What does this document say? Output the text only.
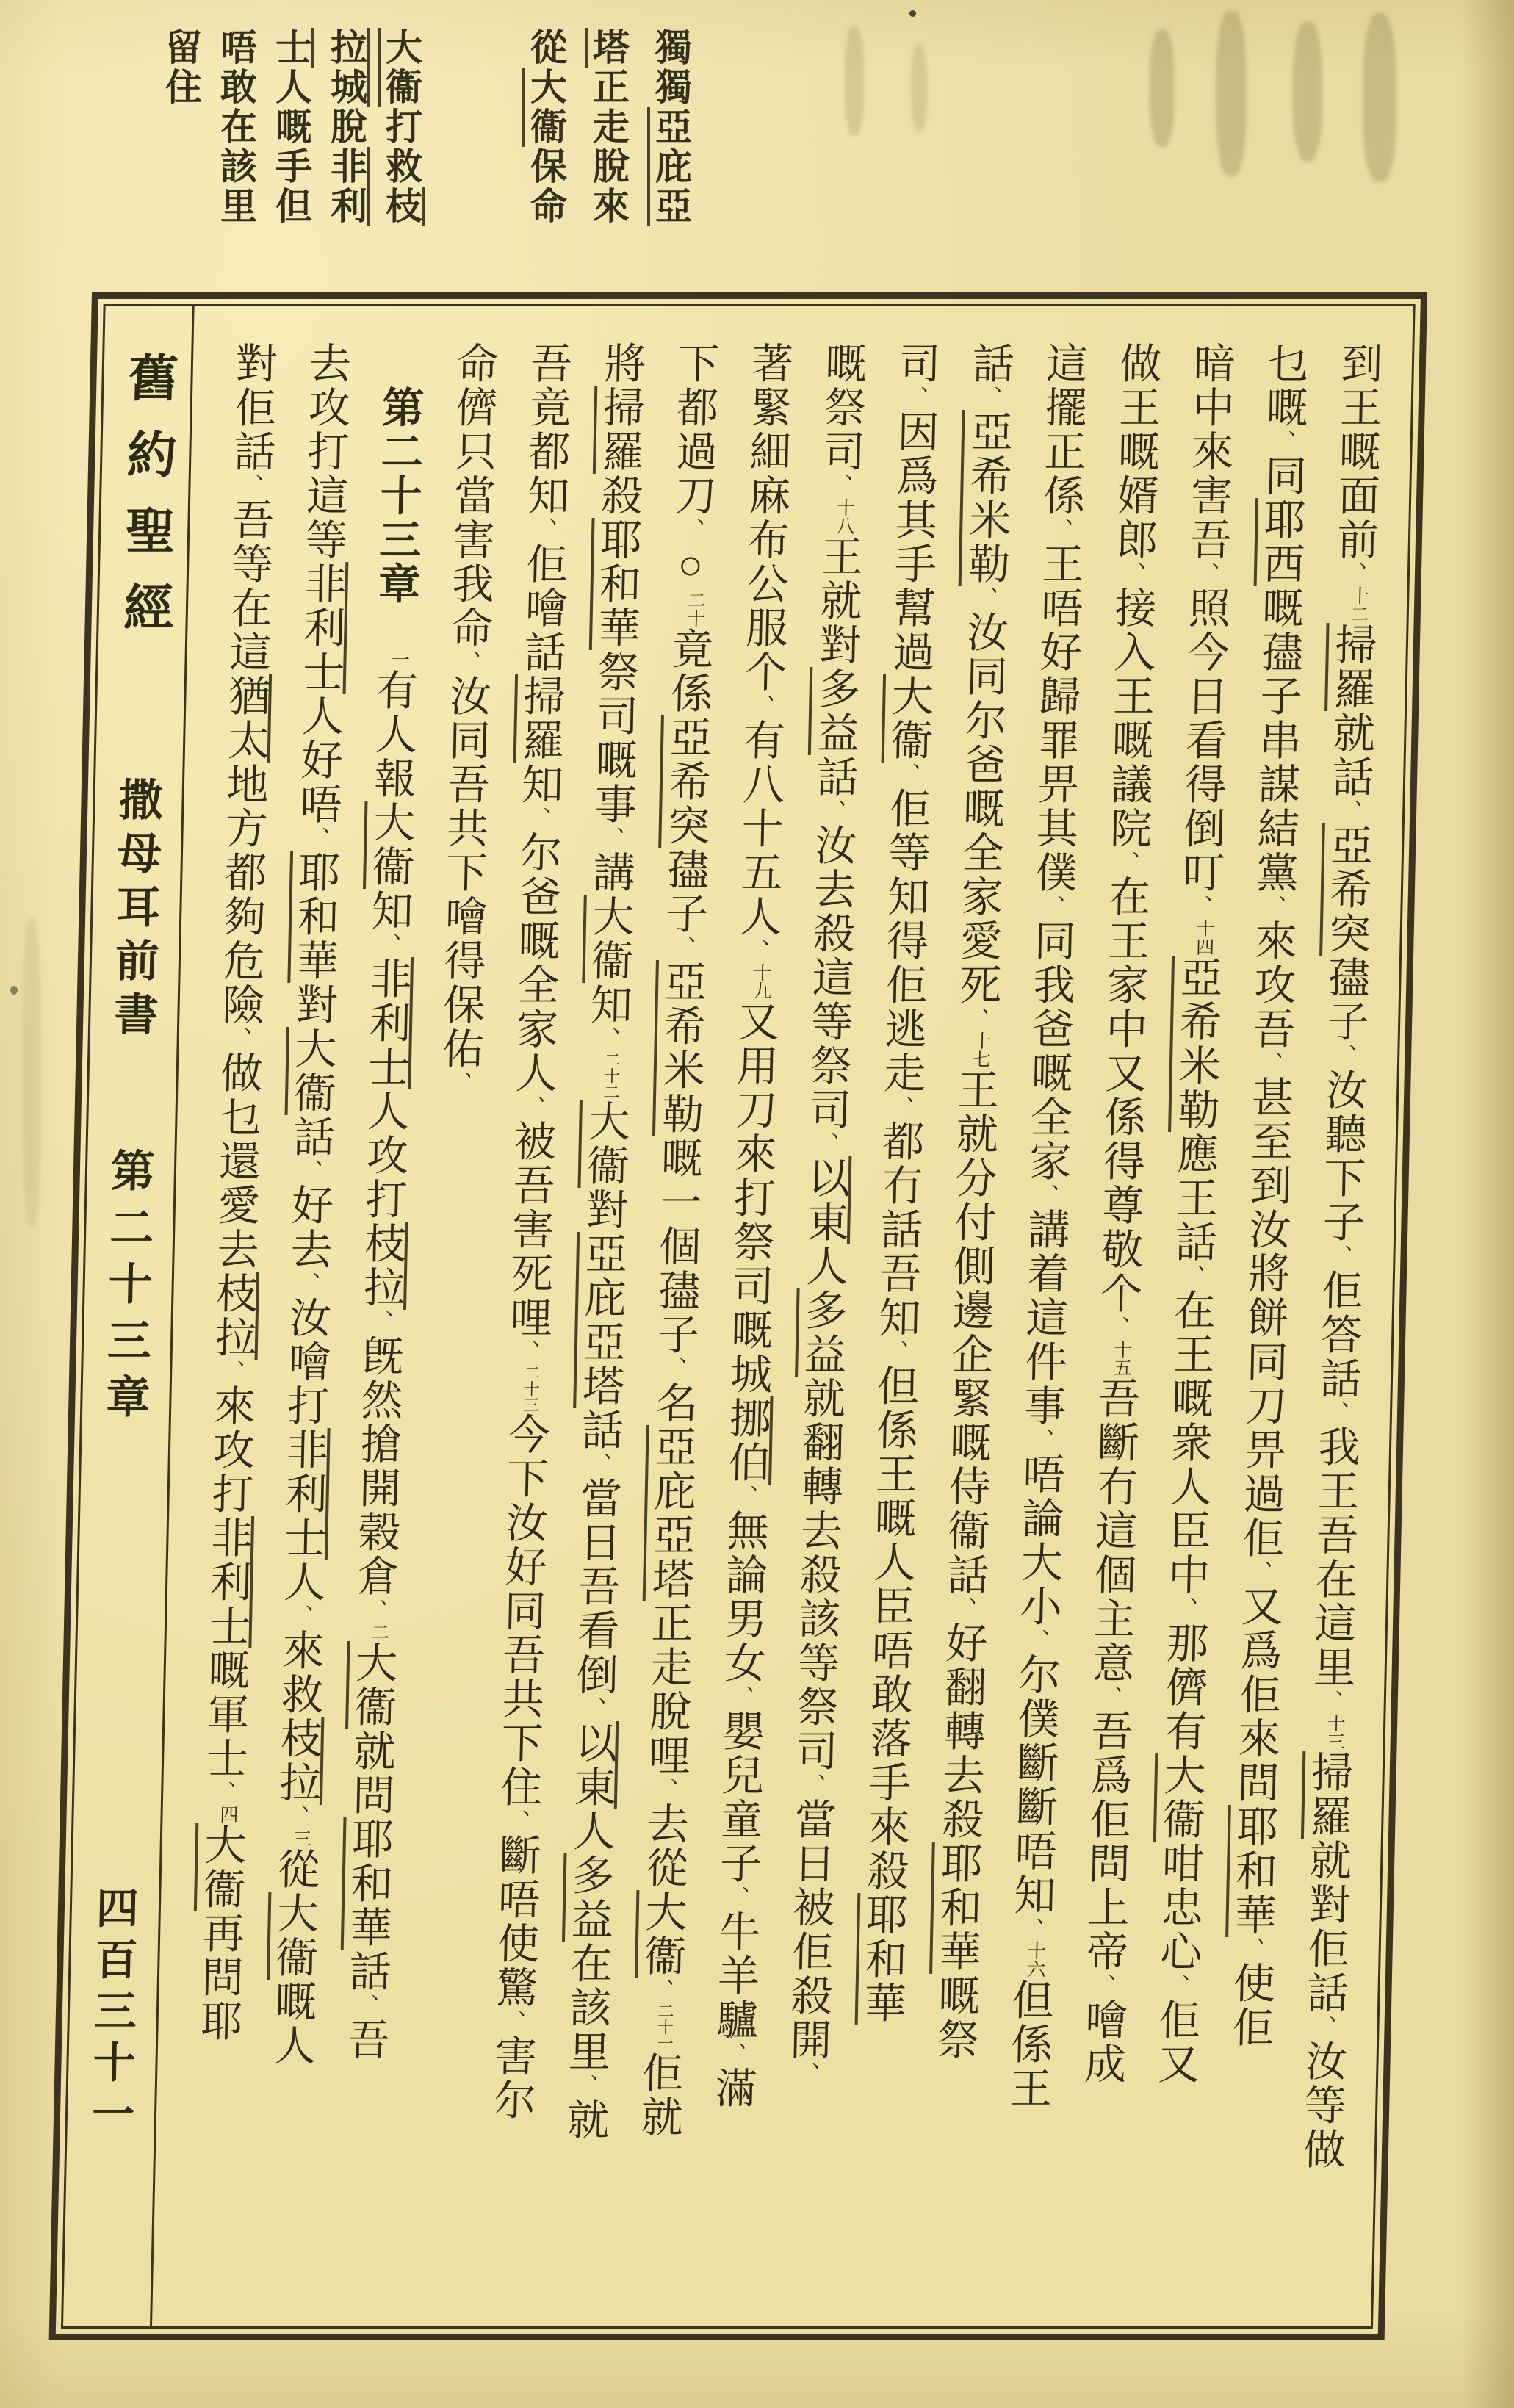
獨獨亞庇亞
塔正走脫來
從大衞保命
大衞打救枝
拉城脫非利
士人嘅手但
唔敢在該里
留住
舊約聖經
撒母耳前書
第二十三章
四百三十一
到王嘅面前、十二掃羅就話、亞希突孻子、汝聽下子、佢答話、我王吾在這里、十三掃羅就對佢話、汝等做
乜嘅、同耶西嘅孻子串謀結黨、來攻吾、甚至到汝將餅同刀畀過佢、又爲佢來問耶和華、使佢
暗中來害吾、照今日看得倒叮、十四亞希米勒應王話、在王嘅衆人臣中、那儕有大衞咁忠心、佢又
做王嘅婿郎、接入王嘅議院、在王家中又係得尊敬个、十五吾斷冇這個主意、吾爲佢問上帝、噲成
這擺正係、王唔好歸罪畀其僕、同我爸嘅全家、講着這件事、唔論大小、尔僕斷斷唔知、十六但係王
話、亞希米勒、汝同尔爸嘅全家愛死、十七王就分付側邊企緊嘅侍衞話、好翻轉去殺耶和華嘅祭
司、因爲其手幫過大衞、佢等知得佢逃走、都冇話吾知、但係王嘅人臣唔敢落手來殺耶和華
嘅祭司、十八王就對多益話、汝去殺這等祭司、以東人多益就翻轉去殺該等祭司、當日被佢殺開、
著緊細麻布公服个、有八十五人、十九又用刀來打祭司嘅城挪伯、無論男女、嬰兒童子、牛羊驢、滿
下都過刀、○二十竟係亞希突孻子、亞希米勒嘅一個孻子、名亞庇亞塔正走脫哩、去從大衞、二十一佢就
將掃羅殺耶和華祭司嘅事、講大衞知、二十二大衞對亞庇亞塔話、當日吾看倒、以東人多益在該里、就
吾竟都知、佢噲話掃羅知、尔爸嘅全家人、被吾害死哩、二十三今下汝好同吾共下住、斷唔使驚、害尔
命儕只當害我命、汝同吾共下噲得保佑、
　第二十三章　一有人報大衞知、非利士人攻打枝拉、旣然搶開榖倉、二大衞就問耶和華話、吾
去攻打這等非利士人好唔、耶和華對大衞話、好去、汝噲打非利士人、來救枝拉、三從大衞嘅人
對佢話、吾等在這猶太地方都夠危險、做乜還愛去枝拉、來攻打非利士嘅軍士、四大衞再問耶
